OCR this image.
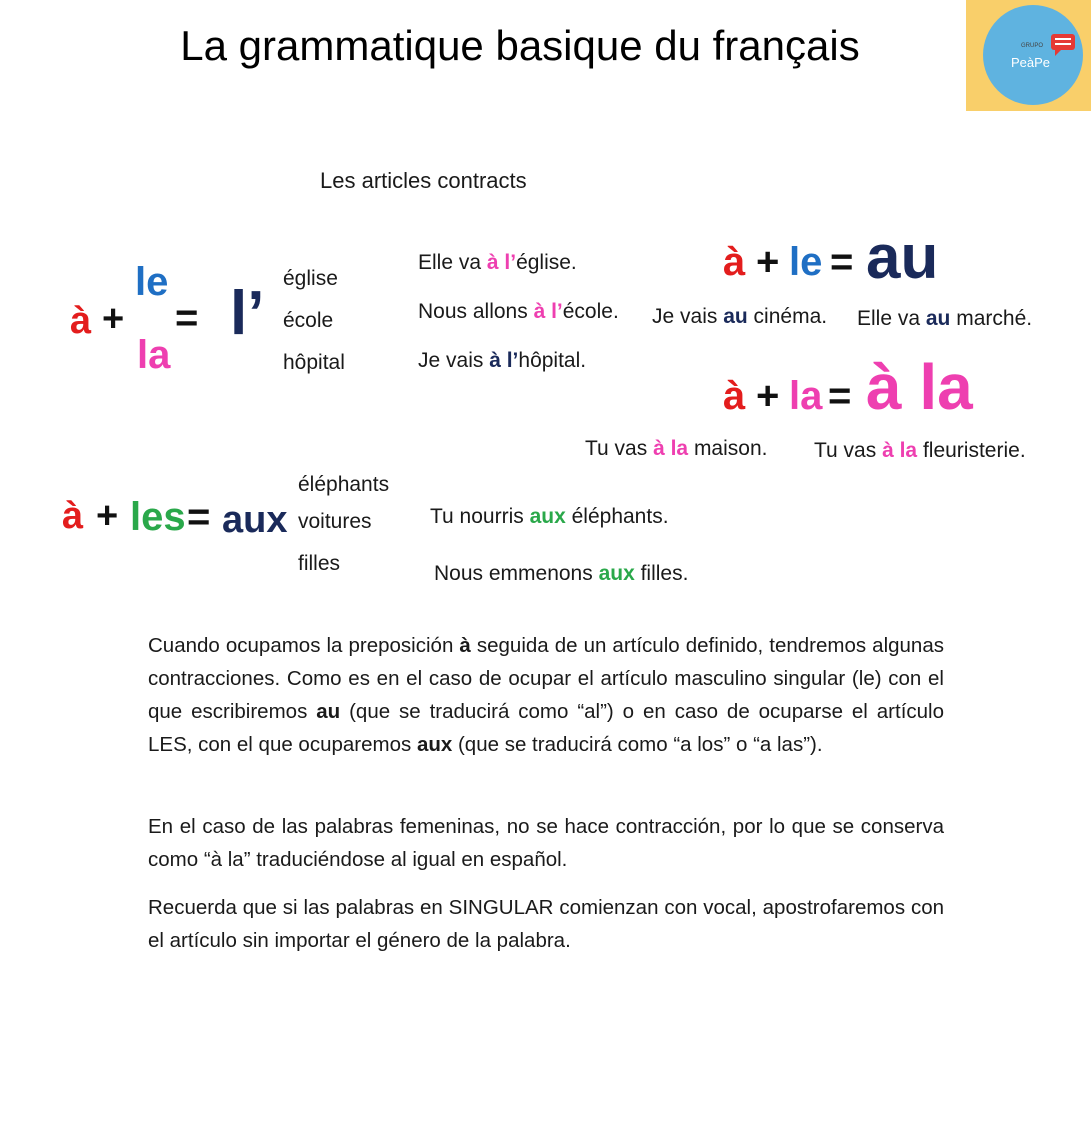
La grammatique basique du français	GRUPO
PeàPe
Les articles contracts
à +
le
la
= l’
église
école
hôpital
Elle va à l’église.
Nous allons à l’école.
Je vais à l’hôpital.
à + le = au
Je vais au cinéma. Elle va au marché.
à + la = à la
Tu vas à la maison. Tu vas à la fleuristerie.
à + les = aux
éléphants
voitures
filles
Tu nourris aux éléphants.
Nous emmenons aux filles.
Cuando ocupamos la preposición à seguida de un artículo definido, tendremos algunas contracciones. Como es en el caso de ocupar el artículo masculino singular (le) con el que escribiremos au (que se traducirá como “al”) o en caso de ocuparse el artículo LES, con el que ocuparemos aux (que se traducirá como “a los” o “a las”).
En el caso de las palabras femeninas, no se hace contracción, por lo que se conserva como “à la” traduciéndose al igual en español.
Recuerda que si las palabras en SINGULAR comienzan con vocal, apostrofaremos con el artículo sin importar el género de la palabra.
